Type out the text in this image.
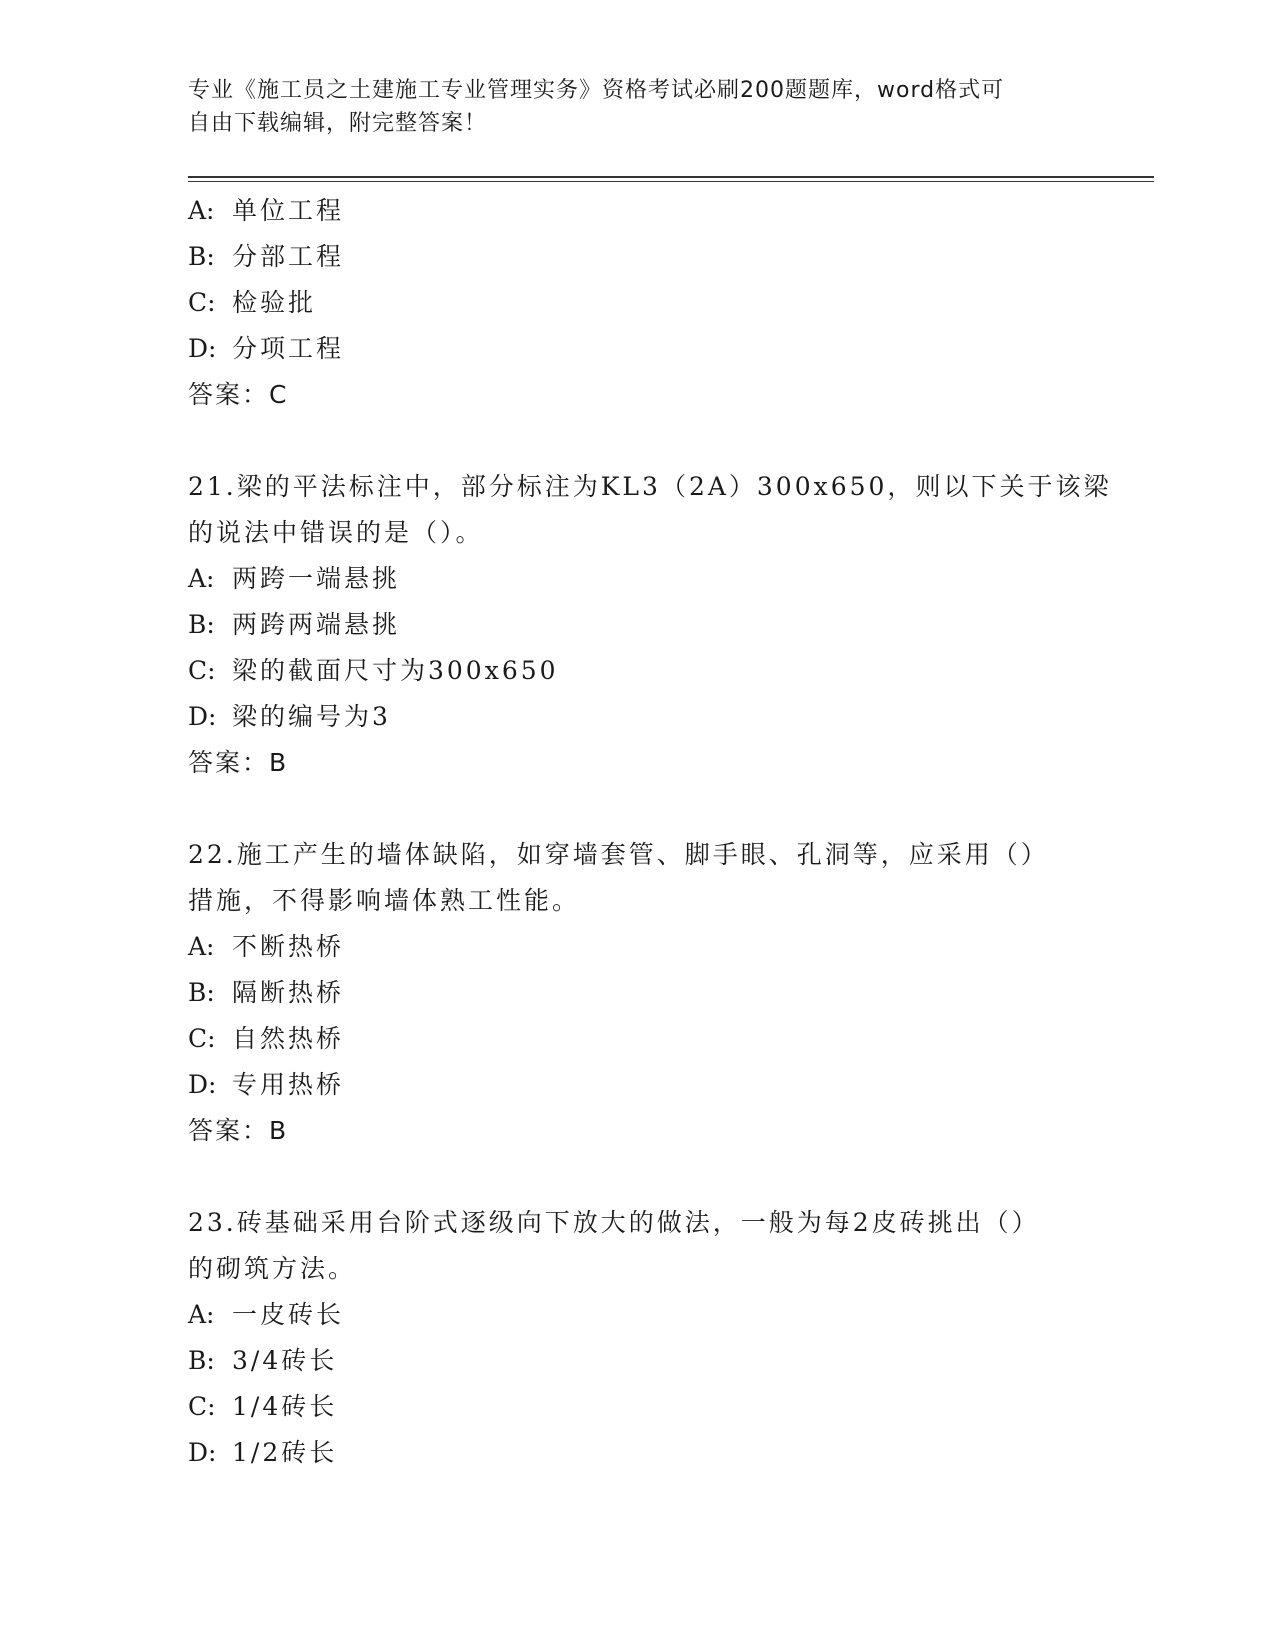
专业《施工员之土建施工专业管理实务》资格考试必刷200题题库，word格式可
自由下载编辑，附完整答案！
A: 单位工程
B: 分部工程
C: 检验批
D: 分项工程
答案：C
21.梁的平法标注中，部分标注为KL3（2A）300x650，则以下关于该梁
的说法中错误的是（）。
A: 两跨一端悬挑
B: 两跨两端悬挑
C: 梁的截面尺寸为300x650
D: 梁的编号为3
答案：B
22.施工产生的墙体缺陷，如穿墙套管、脚手眼、孔洞等，应采用（）
措施，不得影响墙体熟工性能。
A: 不断热桥
B: 隔断热桥
C: 自然热桥
D: 专用热桥
答案：B
23.砖基础采用台阶式逐级向下放大的做法，一般为每2皮砖挑出（）
的砌筑方法。
A: 一皮砖长
B: 3/4砖长
C: 1/4砖长
D: 1/2砖长
